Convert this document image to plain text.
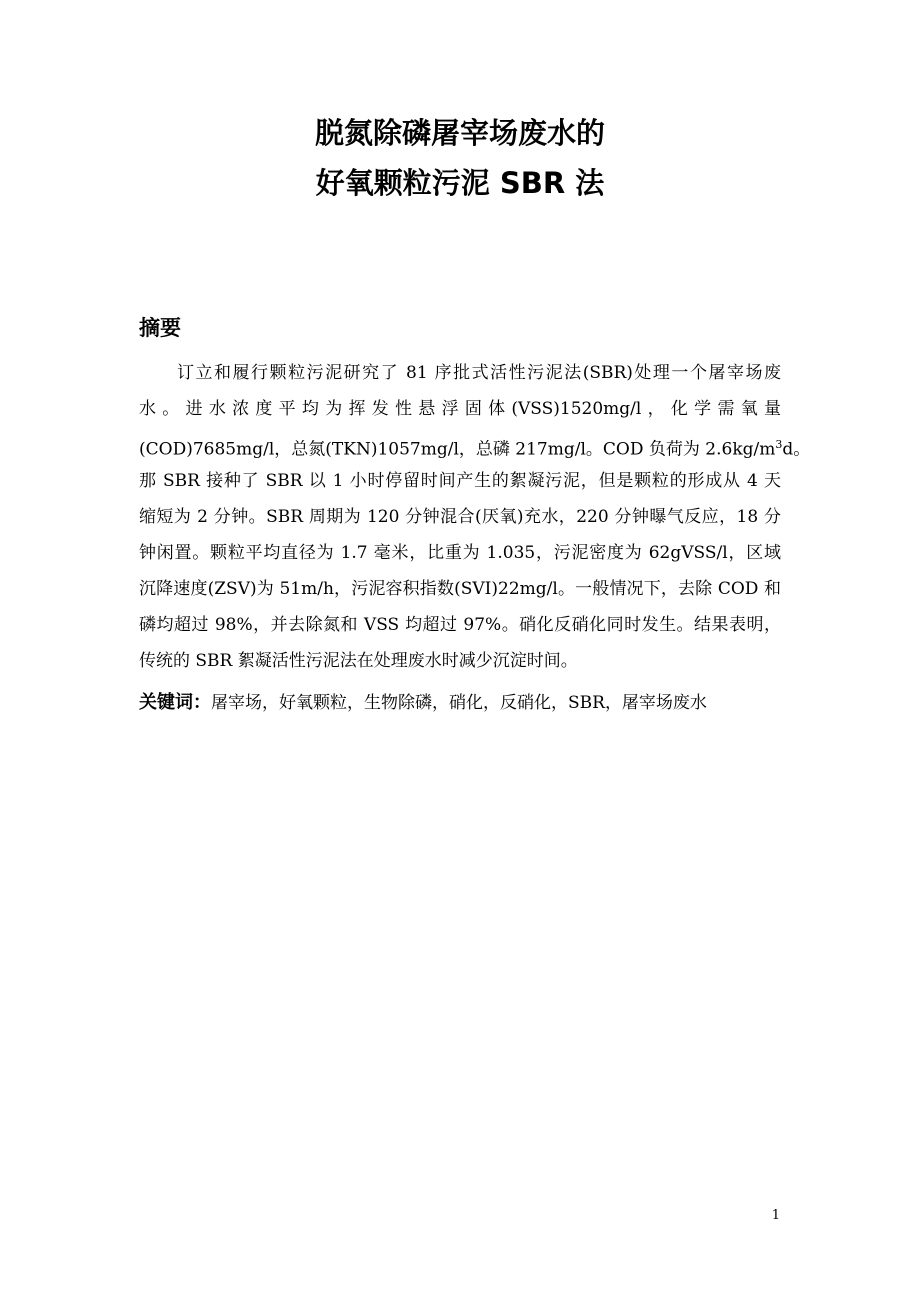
脱氮除磷屠宰场废水的
好氧颗粒污泥 SBR 法
摘要
订立和履行颗粒污泥研究了 81 序批式活性污泥法(SBR)处理一个屠宰场废
水。进水浓度平均为挥发性悬浮固体(VSS)1520mg/l，化学需氧量
(COD)7685mg/l，总氮(TKN)1057mg/l，总磷 217mg/l。COD 负荷为 $2.6kg/m^3d$。
那 SBR 接种了 SBR 以 1 小时停留时间产生的絮凝污泥，但是颗粒的形成从 4 天
缩短为 2 分钟。SBR 周期为 120 分钟混合(厌氧)充水，220 分钟曝气反应，18 分
钟闲置。颗粒平均直径为 1.7 毫米，比重为 1.035，污泥密度为 62gVSS/l，区域
沉降速度(ZSV)为 51m/h，污泥容积指数(SVI)22mg/l。一般情况下，去除 COD 和
磷均超过 98%，并去除氮和 VSS 均超过 97%。硝化反硝化同时发生。结果表明，
传统的 SBR 絮凝活性污泥法在处理废水时减少沉淀时间。
关键词：屠宰场，好氧颗粒，生物除磷，硝化，反硝化，SBR，屠宰场废水
1
